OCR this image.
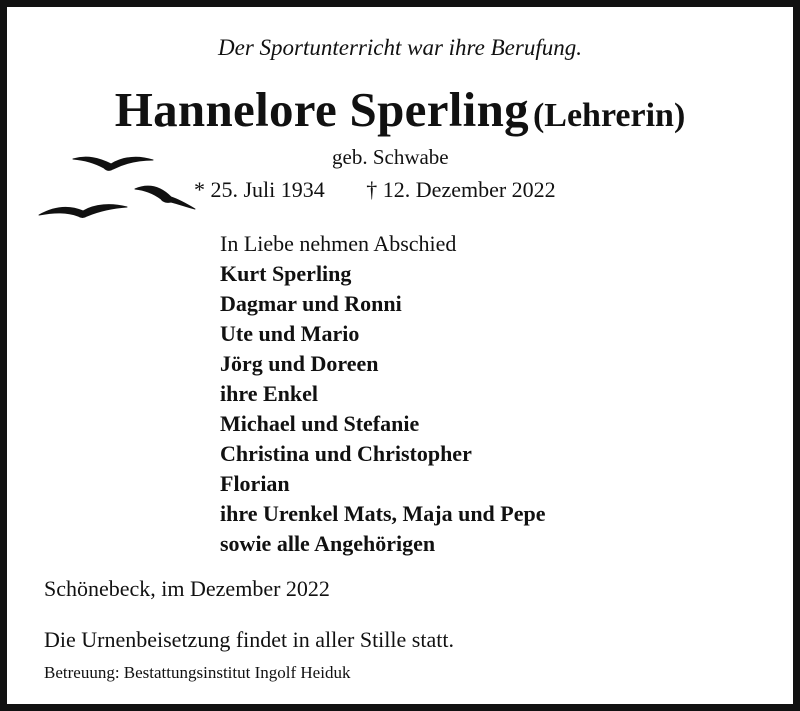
Der Sportunterricht war ihre Berufung.
Hannelore Sperling (Lehrerin)
geb. Schwabe
* 25. Juli 1934 † 12. Dezember 2022
In Liebe nehmen Abschied
Kurt Sperling
Dagmar und Ronni
Ute und Mario
Jörg und Doreen
ihre Enkel
Michael und Stefanie
Christina und Christopher
Florian
ihre Urenkel Mats, Maja und Pepe
sowie alle Angehörigen
Schönebeck, im Dezember 2022
Die Urnenbeisetzung findet in aller Stille statt.
Betreuung: Bestattungsinstitut Ingolf Heiduk
